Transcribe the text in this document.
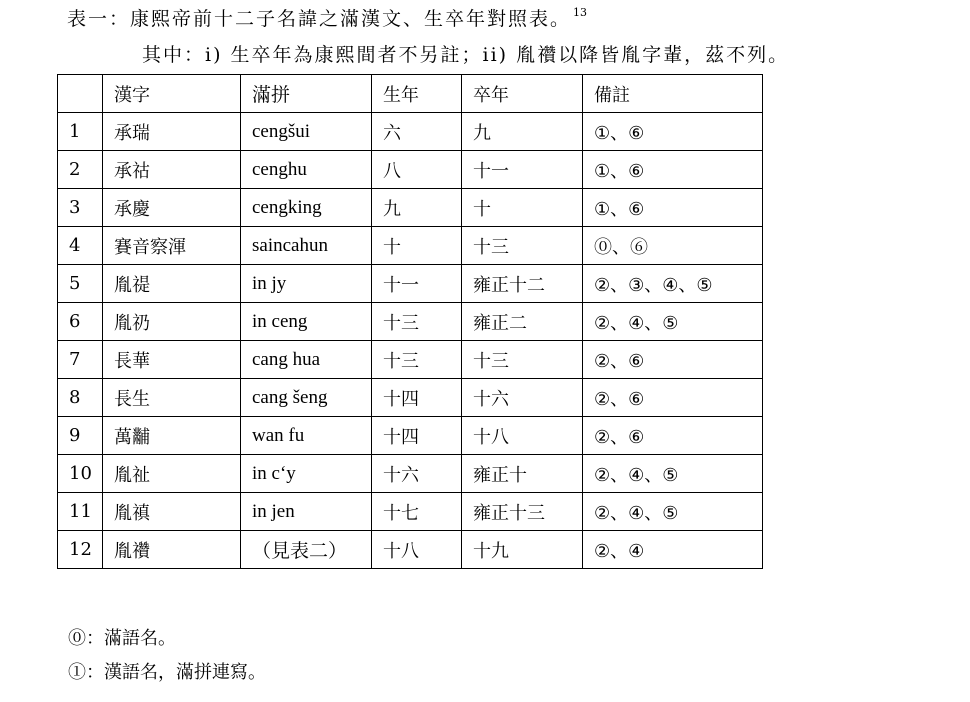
表一：康熙帝前十二子名諱之滿漢文、生卒年對照表。 $^{13}$
其中：i) 生卒年為康熙間者不另註；ii) 胤禶以降皆胤字輩，茲不列。
	漢字	滿拼	生年	卒年	備註
1	承瑞	cengšui	六	九	①、⑥
2	承祜	cenghu	八	十一	①、⑥
3	承慶	cengking	九	十	①、⑥
4	賽音察渾	saincahun	十	十三	⓪、⑥
5	胤禔	in jy	十一	雍正十二	②、③、④、⑤
6	胤礽	in ceng	十三	雍正二	②、④、⑤
7	長華	cang hua	十三	十三	②、⑥
8	長生	cang šeng	十四	十六	②、⑥
9	萬黼	wan fu	十四	十八	②、⑥
10	胤祉	in c‘y	十六	雍正十	②、④、⑤
11	胤禛	in jen	十七	雍正十三	②、④、⑤
12	胤禶	（見表二）	十八	十九	②、④
⓪：滿語名。
①：漢語名，滿拼連寫。
